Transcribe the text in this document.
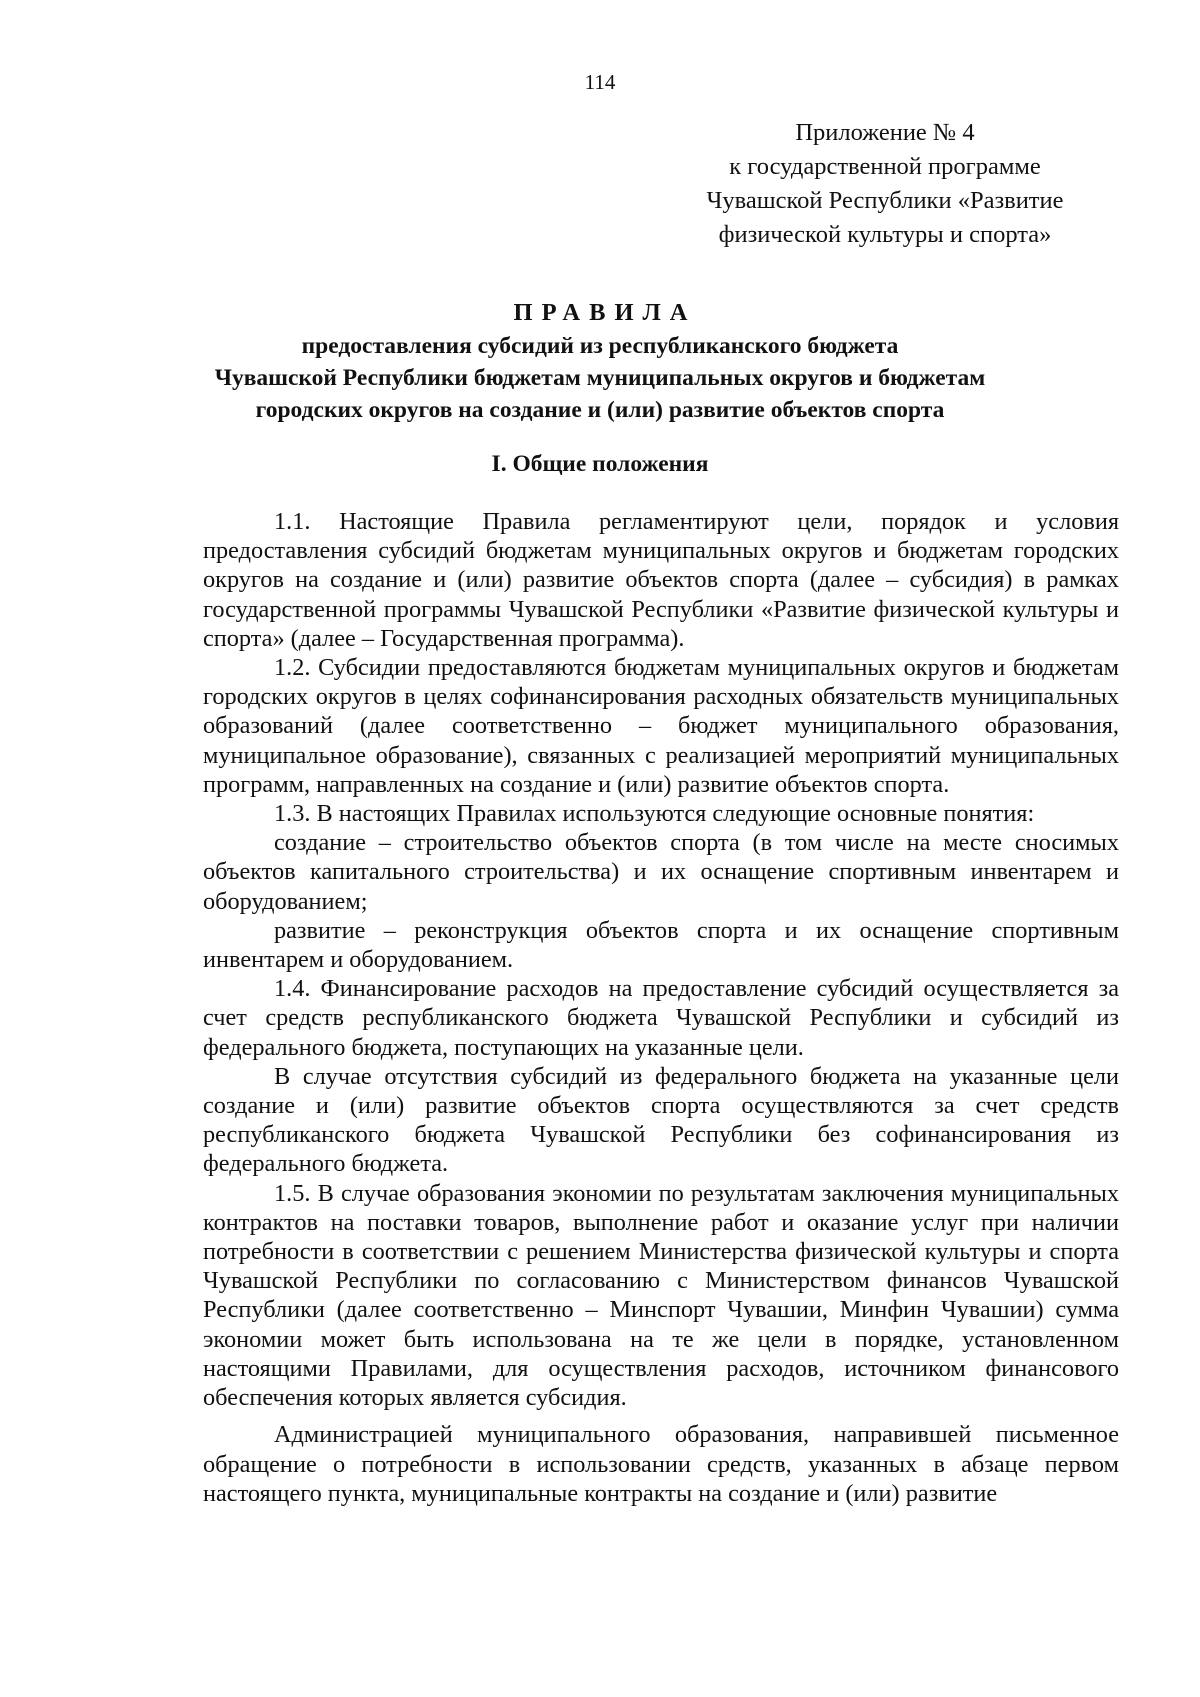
114
Приложение № 4
к государственной программе
Чувашской Республики «Развитие
физической культуры и спорта»
ПРАВИЛА
предоставления субсидий из республиканского бюджета
Чувашской Республики бюджетам муниципальных округов и бюджетам
городских округов на создание и (или) развитие объектов спорта
I. Общие положения

1.1. Настоящие Правила регламентируют цели, порядок и условия предоставления субсидий бюджетам муниципальных округов и бюджетам городских округов на создание и (или) развитие объектов спорта (далее – субсидия) в рамках государственной программы Чувашской Республики «Развитие физической культуры и спорта» (далее – Государственная программа).

1.2. Субсидии предоставляются бюджетам муниципальных округов и бюджетам городских округов в целях софинансирования расходных обязательств муниципальных образований (далее соответственно – бюджет муниципального образования, муниципальное образование), связанных с реализацией мероприятий муниципальных программ, направленных на создание и (или) развитие объектов спорта.

1.3. В настоящих Правилах используются следующие основные понятия:

создание – строительство объектов спорта (в том числе на месте сносимых объектов капитального строительства) и их оснащение спортивным инвентарем и оборудованием;

развитие – реконструкция объектов спорта и их оснащение спортивным инвентарем и оборудованием.

1.4. Финансирование расходов на предоставление субсидий осуществляется за счет средств республиканского бюджета Чувашской Республики и субсидий из федерального бюджета, поступающих на указанные цели.

В случае отсутствия субсидий из федерального бюджета на указанные цели создание и (или) развитие объектов спорта осуществляются за счет средств республиканского бюджета Чувашской Республики без софинансирования из федерального бюджета.

1.5. В случае образования экономии по результатам заключения муниципальных контрактов на поставки товаров, выполнение работ и оказание услуг при наличии потребности в соответствии с решением Министерства физической культуры и спорта Чувашской Республики по согласованию с Министерством финансов Чувашской Республики (далее соответственно – Минспорт Чувашии, Минфин Чувашии) сумма экономии может быть использована на те же цели в порядке, установленном настоящими Правилами, для осуществления расходов, источником финансового обеспечения которых является субсидия.

Администрацией муниципального образования, направившей письменное обращение о потребности в использовании средств, указанных в абзаце первом настоящего пункта, муниципальные контракты на создание и (или) развитие
